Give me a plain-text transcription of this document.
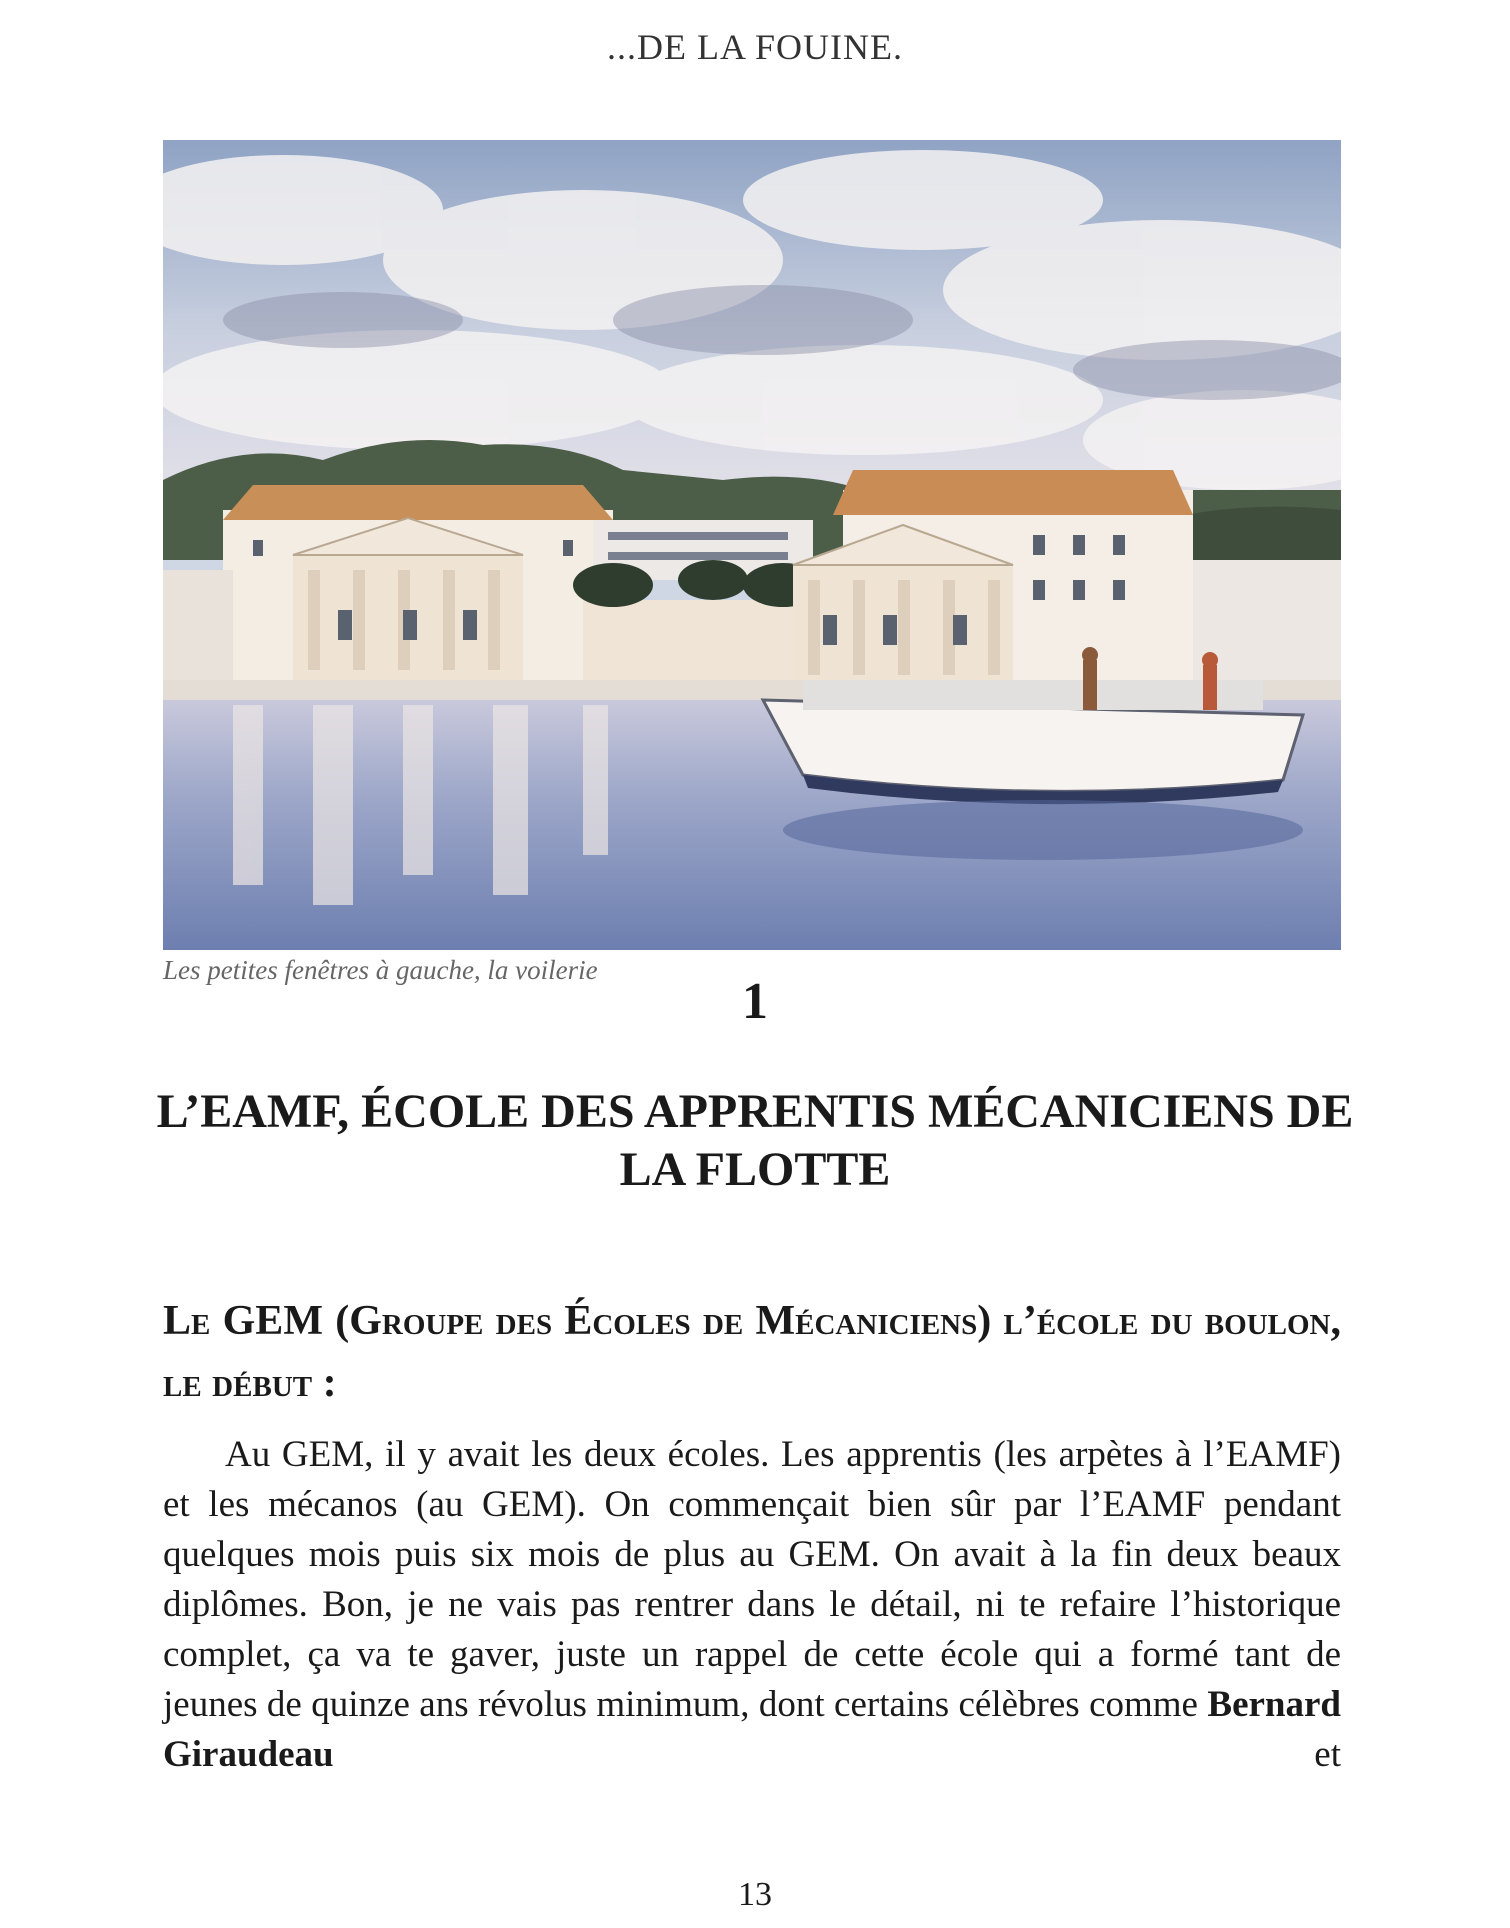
...DE LA FOUINE.
Les petites fenêtres à gauche, la voilerie
1
L’EAMF, ÉCOLE DES APPRENTIS MÉCANICIENS DE LA FLOTTE
Le GEM (Groupe des Écoles de Mécaniciens) l’école du boulon, le début :
Au GEM, il y avait les deux écoles. Les apprentis (les arpètes à l’EAMF) et les mécanos (au GEM). On commençait bien sûr par l’EAMF pendant quelques mois puis six mois de plus au GEM. On avait à la fin deux beaux diplômes. Bon, je ne vais pas rentrer dans le détail, ni te refaire l’historique complet, ça va te gaver, juste un rappel de cette école qui a formé tant de jeunes de quinze ans révolus minimum, dont certains célèbres comme Bernard Giraudeau et
13
